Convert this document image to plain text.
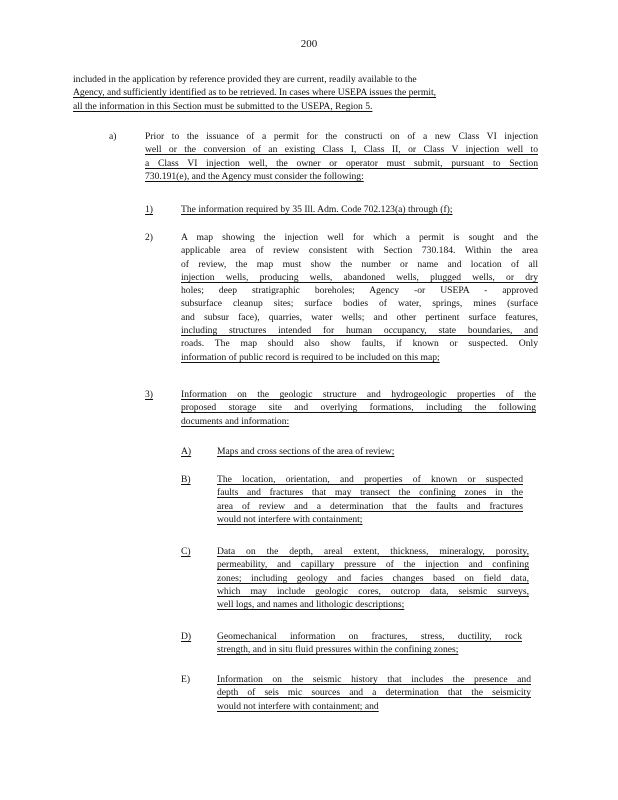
200
included in the application by reference provided they are current, readily available to the
Agency, and sufficiently identified as to be retrieved. In cases where USEPA issues the permit,
all the information in this Section must be submitted to the USEPA, Region 5.
a)	Prior to the issuance of a permit for the constructi on of a new Class VI injection
well or the conversion of an existing Class I, Class II, or Class V injection well to
a Class VI injection well, the owner or operator must submit, pursuant to Section
730.191(e), and the Agency must consider the following:
1)	The information required by 35 Ill. Adm. Code 702.123(a) through (f);
2)	A map showing the injection well for which a permit is sought and the
applicable area of review consistent with Section 730.184. Within the area
of review, the map must show the number or name and location of all
injection wells, producing wells, abandoned wells, plugged wells, or dry
holes; deep stratigraphic boreholes; Agency -or USEPA - approved
subsurface cleanup sites; surface bodies of water, springs, mines (surface
and subsur face), quarries, water wells; and other pertinent surface features,
including structures intended for human occupancy, state boundaries, and
roads. The map should also show faults, if known or suspected. Only
information of public record is required to be included on this map;
3)	Information on the geologic structure and hydrogeologic properties of the
proposed storage site and overlying formations, including the following
documents and information:
A)	Maps and cross sections of the area of review;
B)	The location, orientation, and properties of known or suspected
faults and fractures that may transect the confining zones in the
area of review and a determination that the faults and fractures
would not interfere with containment;
C)	Data on the depth, areal extent, thickness, mineralogy, porosity,
permeability, and capillary pressure of the injection and confining
zones; including geology and facies changes based on field data,
which may include geologic cores, outcrop data, seismic surveys,
well logs, and names and lithologic descriptions;
D)	Geomechanical information on fractures, stress, ductility, rock
strength, and in situ fluid pressures within the confining zones;
E)	Information on the seismic history that includes the presence and
depth of seis mic sources and a determination that the seismicity
would not interfere with containment; and
